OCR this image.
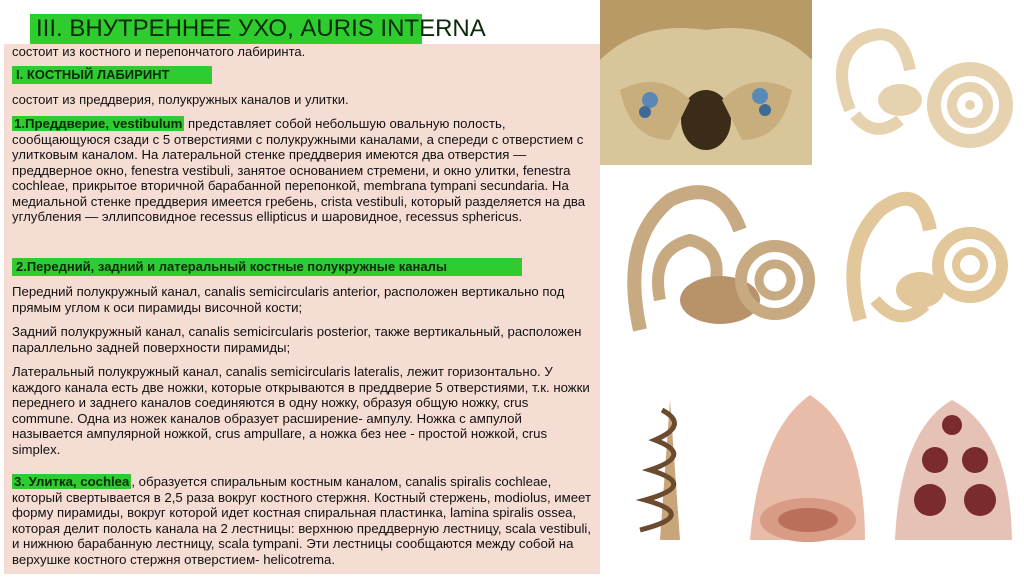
III. ВНУТРЕННЕЕ УХО, AURIS INTERNA
состоит из костного и перепончатого лабиринта.
I. КОСТНЫЙ ЛАБИРИНТ
состоит из преддверия, полукружных каналов и улитки.

1.Преддверие, vestibulum представляет собой небольшую овальную полость, сообщающуюся сзади с 5 отверстиями с полукружными каналами, а спереди с отверстием с улитковым каналом. На латеральной стенке преддверия имеются два отверстия — преддверное окно, fenestra vestibuli, занятое основанием стремени, и окно улитки, fenestra cochleae, прикрытое вторичной барабанной перепонкой, membrana tympani secundaria. На медиальной стенке преддверия имеется гребень, crista vestibuli, который разделяется на два углубления — эллипсовидное recessus ellipticus и шаровидное, recessus sphericus.

2.Передний, задний и латеральный костные полукружные каналы
Передний полукружный канал, canalis semicircularis anterior, расположен вертикально под прямым углом к оси пирамиды височной кости;
Задний полукружный канал, canalis semicircularis posterior, также вертикальный, расположен параллельно задней поверхности пирамиды;
Латеральный полукружный канал, canalis semicircularis lateralis, лежит горизонтально. У каждого канала есть две ножки, которые открываются в преддверие 5 отверстиями, т.к. ножки переднего и заднего каналов соединяются в одну ножку, образуя общую ножку, crus commune. Одна из ножек каналов образует расширение- ампулу. Ножка с ампулой называется ампулярной ножкой, crus ampullare, а ножка без нее - простой ножкой, crus simplex.

3. Улитка, cochlea , образуется спиральным костным каналом, canalis spiralis cochleae, который свертывается в 2,5 раза вокруг костного стержня. Костный стержень, modiolus, имеет форму пирамиды, вокруг которой идет костная спиральная пластинка, lamina spiralis ossea, которая делит полость канала на 2 лестницы: верхнюю преддверную лестницу, scala vestibuli, и нижнюю барабанную лестницу, scala tympani. Эти лестницы сообщаются между собой на верхушке костного стержня отверстием- helicotrema.
